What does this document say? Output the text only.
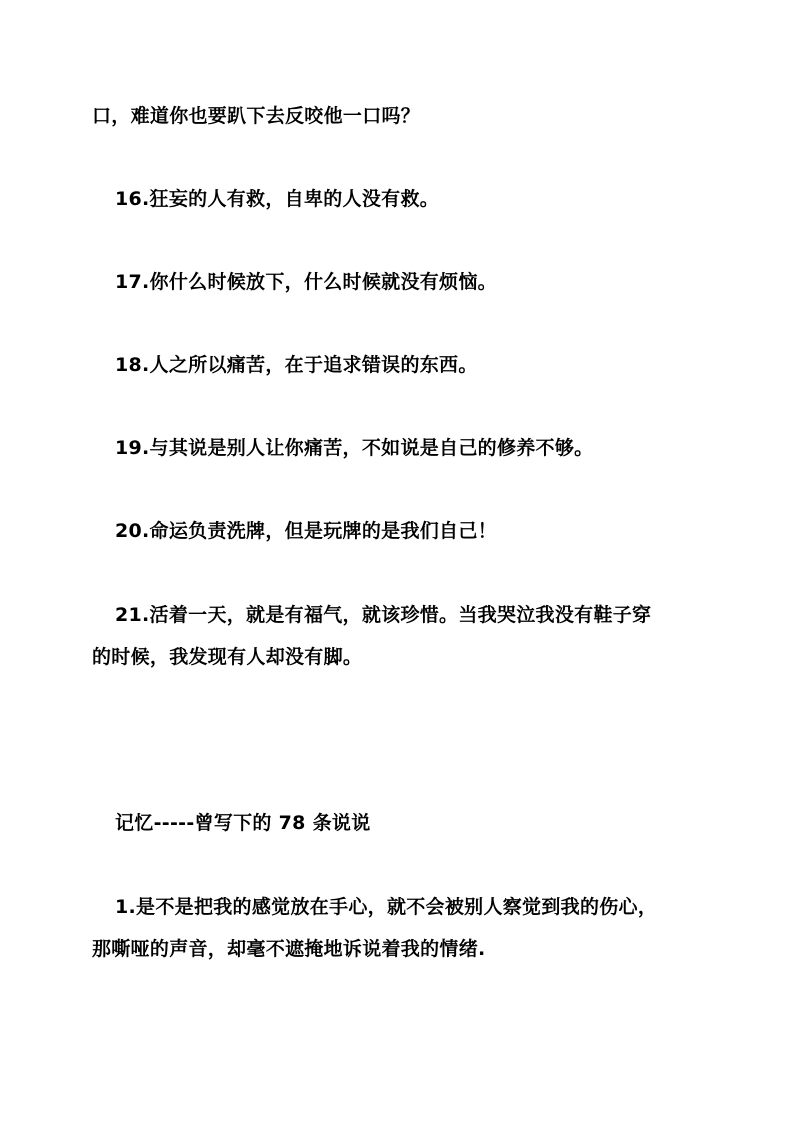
口，难道你也要趴下去反咬他一口吗？
16.狂妄的人有救，自卑的人没有救。
17.你什么时候放下，什么时候就没有烦恼。
18.人之所以痛苦，在于追求错误的东西。
19.与其说是别人让你痛苦，不如说是自己的修养不够。
20.命运负责洗牌，但是玩牌的是我们自己！
21.活着一天，就是有福气，就该珍惜。当我哭泣我没有鞋子穿
的时候，我发现有人却没有脚。
记忆-----曾写下的 78 条说说
1.是不是把我的感觉放在手心，就不会被别人察觉到我的伤心，
那嘶哑的声音，却毫不遮掩地诉说着我的情绪.
